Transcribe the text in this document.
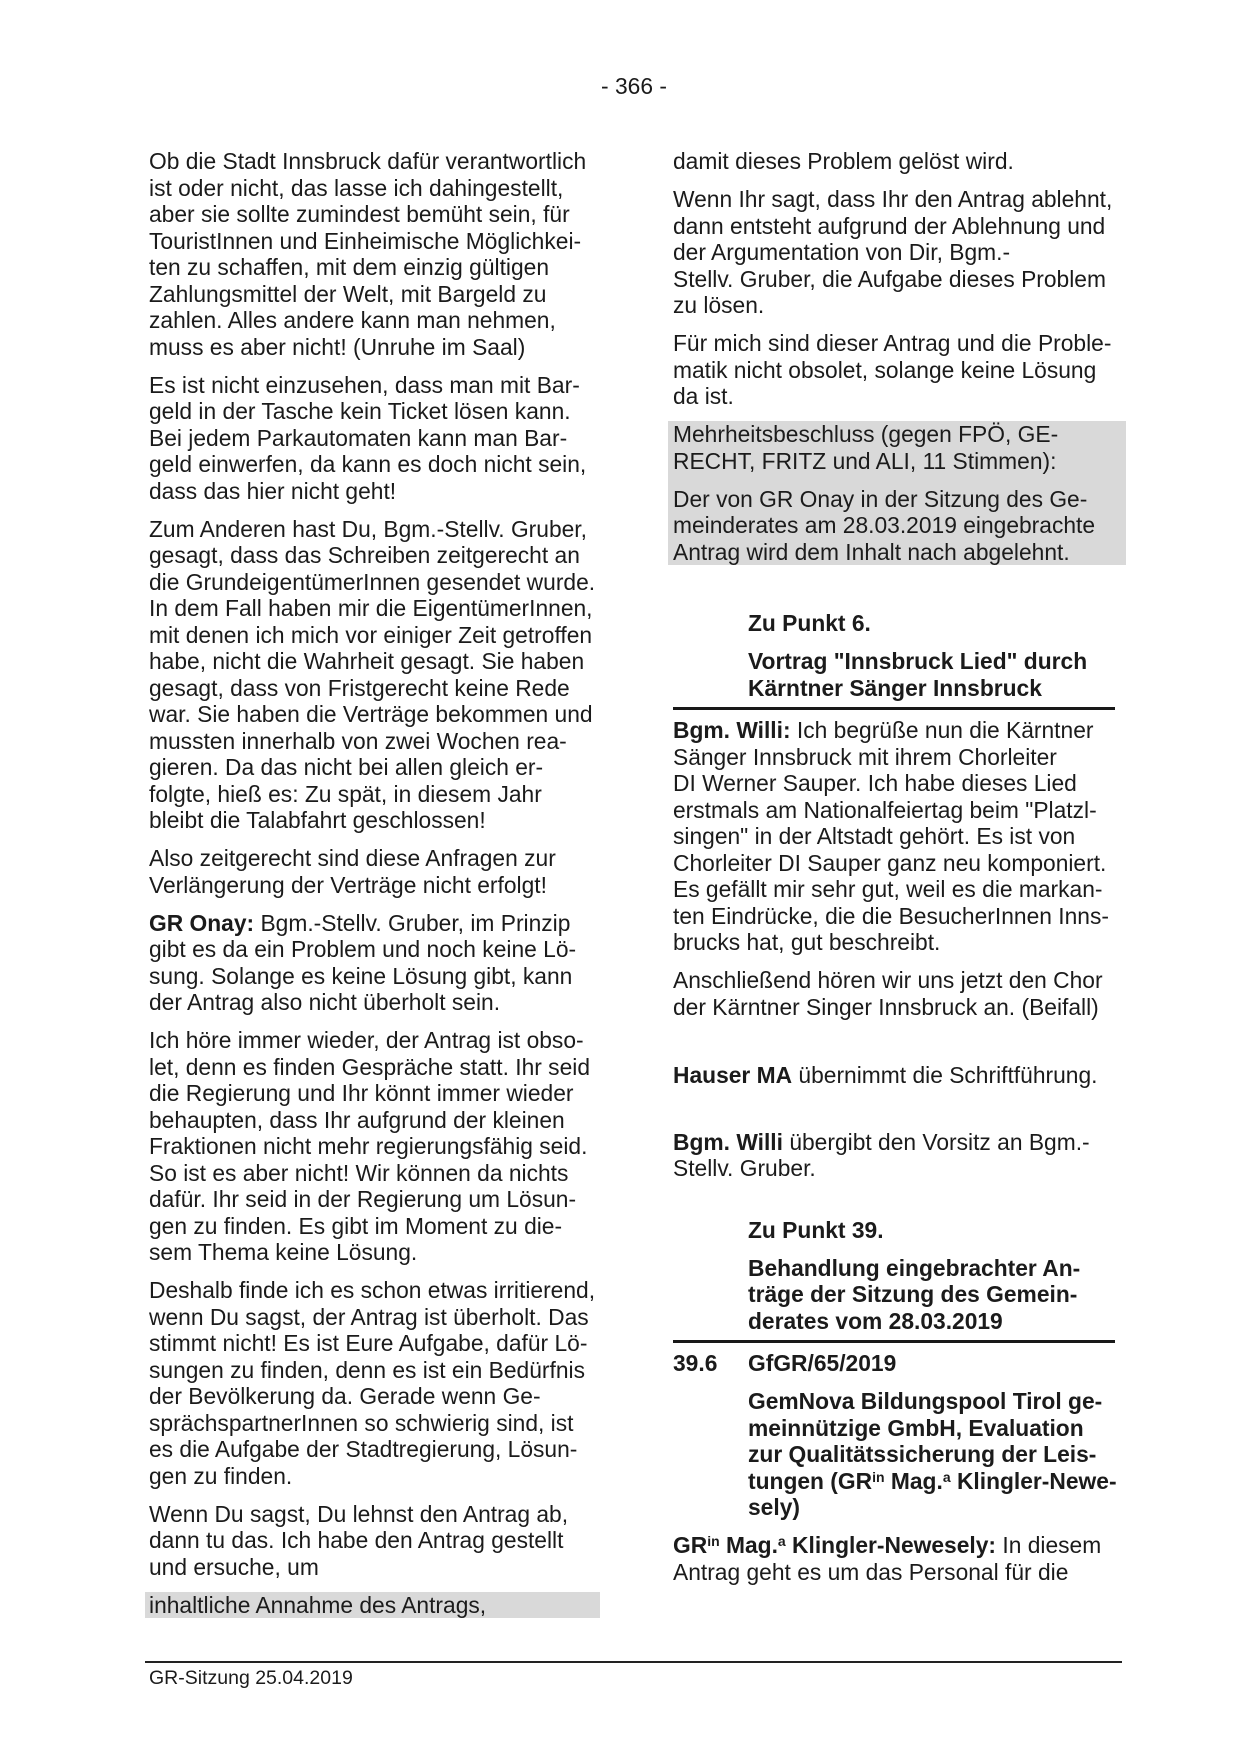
- 366 -
Ob die Stadt Innsbruck dafür verantwortlich
ist oder nicht, das lasse ich dahingestellt,
aber sie sollte zumindest bemüht sein, für
TouristInnen und Einheimische Möglichkei-
ten zu schaffen, mit dem einzig gültigen
Zahlungsmittel der Welt, mit Bargeld zu
zahlen. Alles andere kann man nehmen,
muss es aber nicht! (Unruhe im Saal)
Es ist nicht einzusehen, dass man mit Bar-
geld in der Tasche kein Ticket lösen kann.
Bei jedem Parkautomaten kann man Bar-
geld einwerfen, da kann es doch nicht sein,
dass das hier nicht geht!
Zum Anderen hast Du, Bgm.-Stellv. Gruber,
gesagt, dass das Schreiben zeitgerecht an
die GrundeigentümerInnen gesendet wurde.
In dem Fall haben mir die EigentümerInnen,
mit denen ich mich vor einiger Zeit getroffen
habe, nicht die Wahrheit gesagt. Sie haben
gesagt, dass von Fristgerecht keine Rede
war. Sie haben die Verträge bekommen und
mussten innerhalb von zwei Wochen rea-
gieren. Da das nicht bei allen gleich er-
folgte, hieß es: Zu spät, in diesem Jahr
bleibt die Talabfahrt geschlossen!
Also zeitgerecht sind diese Anfragen zur
Verlängerung der Verträge nicht erfolgt!
GR Onay: Bgm.-Stellv. Gruber, im Prinzip
gibt es da ein Problem und noch keine Lö-
sung. Solange es keine Lösung gibt, kann
der Antrag also nicht überholt sein.
Ich höre immer wieder, der Antrag ist obso-
let, denn es finden Gespräche statt. Ihr seid
die Regierung und Ihr könnt immer wieder
behaupten, dass Ihr aufgrund der kleinen
Fraktionen nicht mehr regierungsfähig seid.
So ist es aber nicht! Wir können da nichts
dafür. Ihr seid in der Regierung um Lösun-
gen zu finden. Es gibt im Moment zu die-
sem Thema keine Lösung.
Deshalb finde ich es schon etwas irritierend,
wenn Du sagst, der Antrag ist überholt. Das
stimmt nicht! Es ist Eure Aufgabe, dafür Lö-
sungen zu finden, denn es ist ein Bedürfnis
der Bevölkerung da. Gerade wenn Ge-
sprächspartnerInnen so schwierig sind, ist
es die Aufgabe der Stadtregierung, Lösun-
gen zu finden.
Wenn Du sagst, Du lehnst den Antrag ab,
dann tu das. Ich habe den Antrag gestellt
und ersuche, um
inhaltliche Annahme des Antrags,
damit dieses Problem gelöst wird.
Wenn Ihr sagt, dass Ihr den Antrag ablehnt,
dann entsteht aufgrund der Ablehnung und
der Argumentation von Dir, Bgm.-
Stellv. Gruber, die Aufgabe dieses Problem
zu lösen.
Für mich sind dieser Antrag und die Proble-
matik nicht obsolet, solange keine Lösung
da ist.
Mehrheitsbeschluss (gegen FPÖ, GE-
RECHT, FRITZ und ALI, 11 Stimmen):
Der von GR Onay in der Sitzung des Ge-
meinderates am 28.03.2019 eingebrachte
Antrag wird dem Inhalt nach abgelehnt.
Zu Punkt 6.
Vortrag "Innsbruck Lied" durch
Kärntner Sänger Innsbruck
Bgm. Willi: Ich begrüße nun die Kärntner
Sänger Innsbruck mit ihrem Chorleiter
DI Werner Sauper. Ich habe dieses Lied
erstmals am Nationalfeiertag beim "Platzl-
singen" in der Altstadt gehört. Es ist von
Chorleiter DI Sauper ganz neu komponiert.
Es gefällt mir sehr gut, weil es die markan-
ten Eindrücke, die die BesucherInnen Inns-
brucks hat, gut beschreibt.
Anschließend hören wir uns jetzt den Chor
der Kärntner Singer Innsbruck an. (Beifall)
Hauser MA übernimmt die Schriftführung.
Bgm. Willi übergibt den Vorsitz an Bgm.-
Stellv. Gruber.
Zu Punkt 39.
Behandlung eingebrachter An-
träge der Sitzung des Gemein-
derates vom 28.03.2019
39.6 GfGR/65/2019
GemNova Bildungspool Tirol ge-
meinnützige GmbH, Evaluation
zur Qualitätssicherung der Leis-
tungen ($GR^{in}$ Mag.$^a$ Klingler-Newe-
sely)
$GR^{in}$ Mag.$^a$ Klingler-Newesely: In diesem
Antrag geht es um das Personal für die
GR-Sitzung 25.04.2019
